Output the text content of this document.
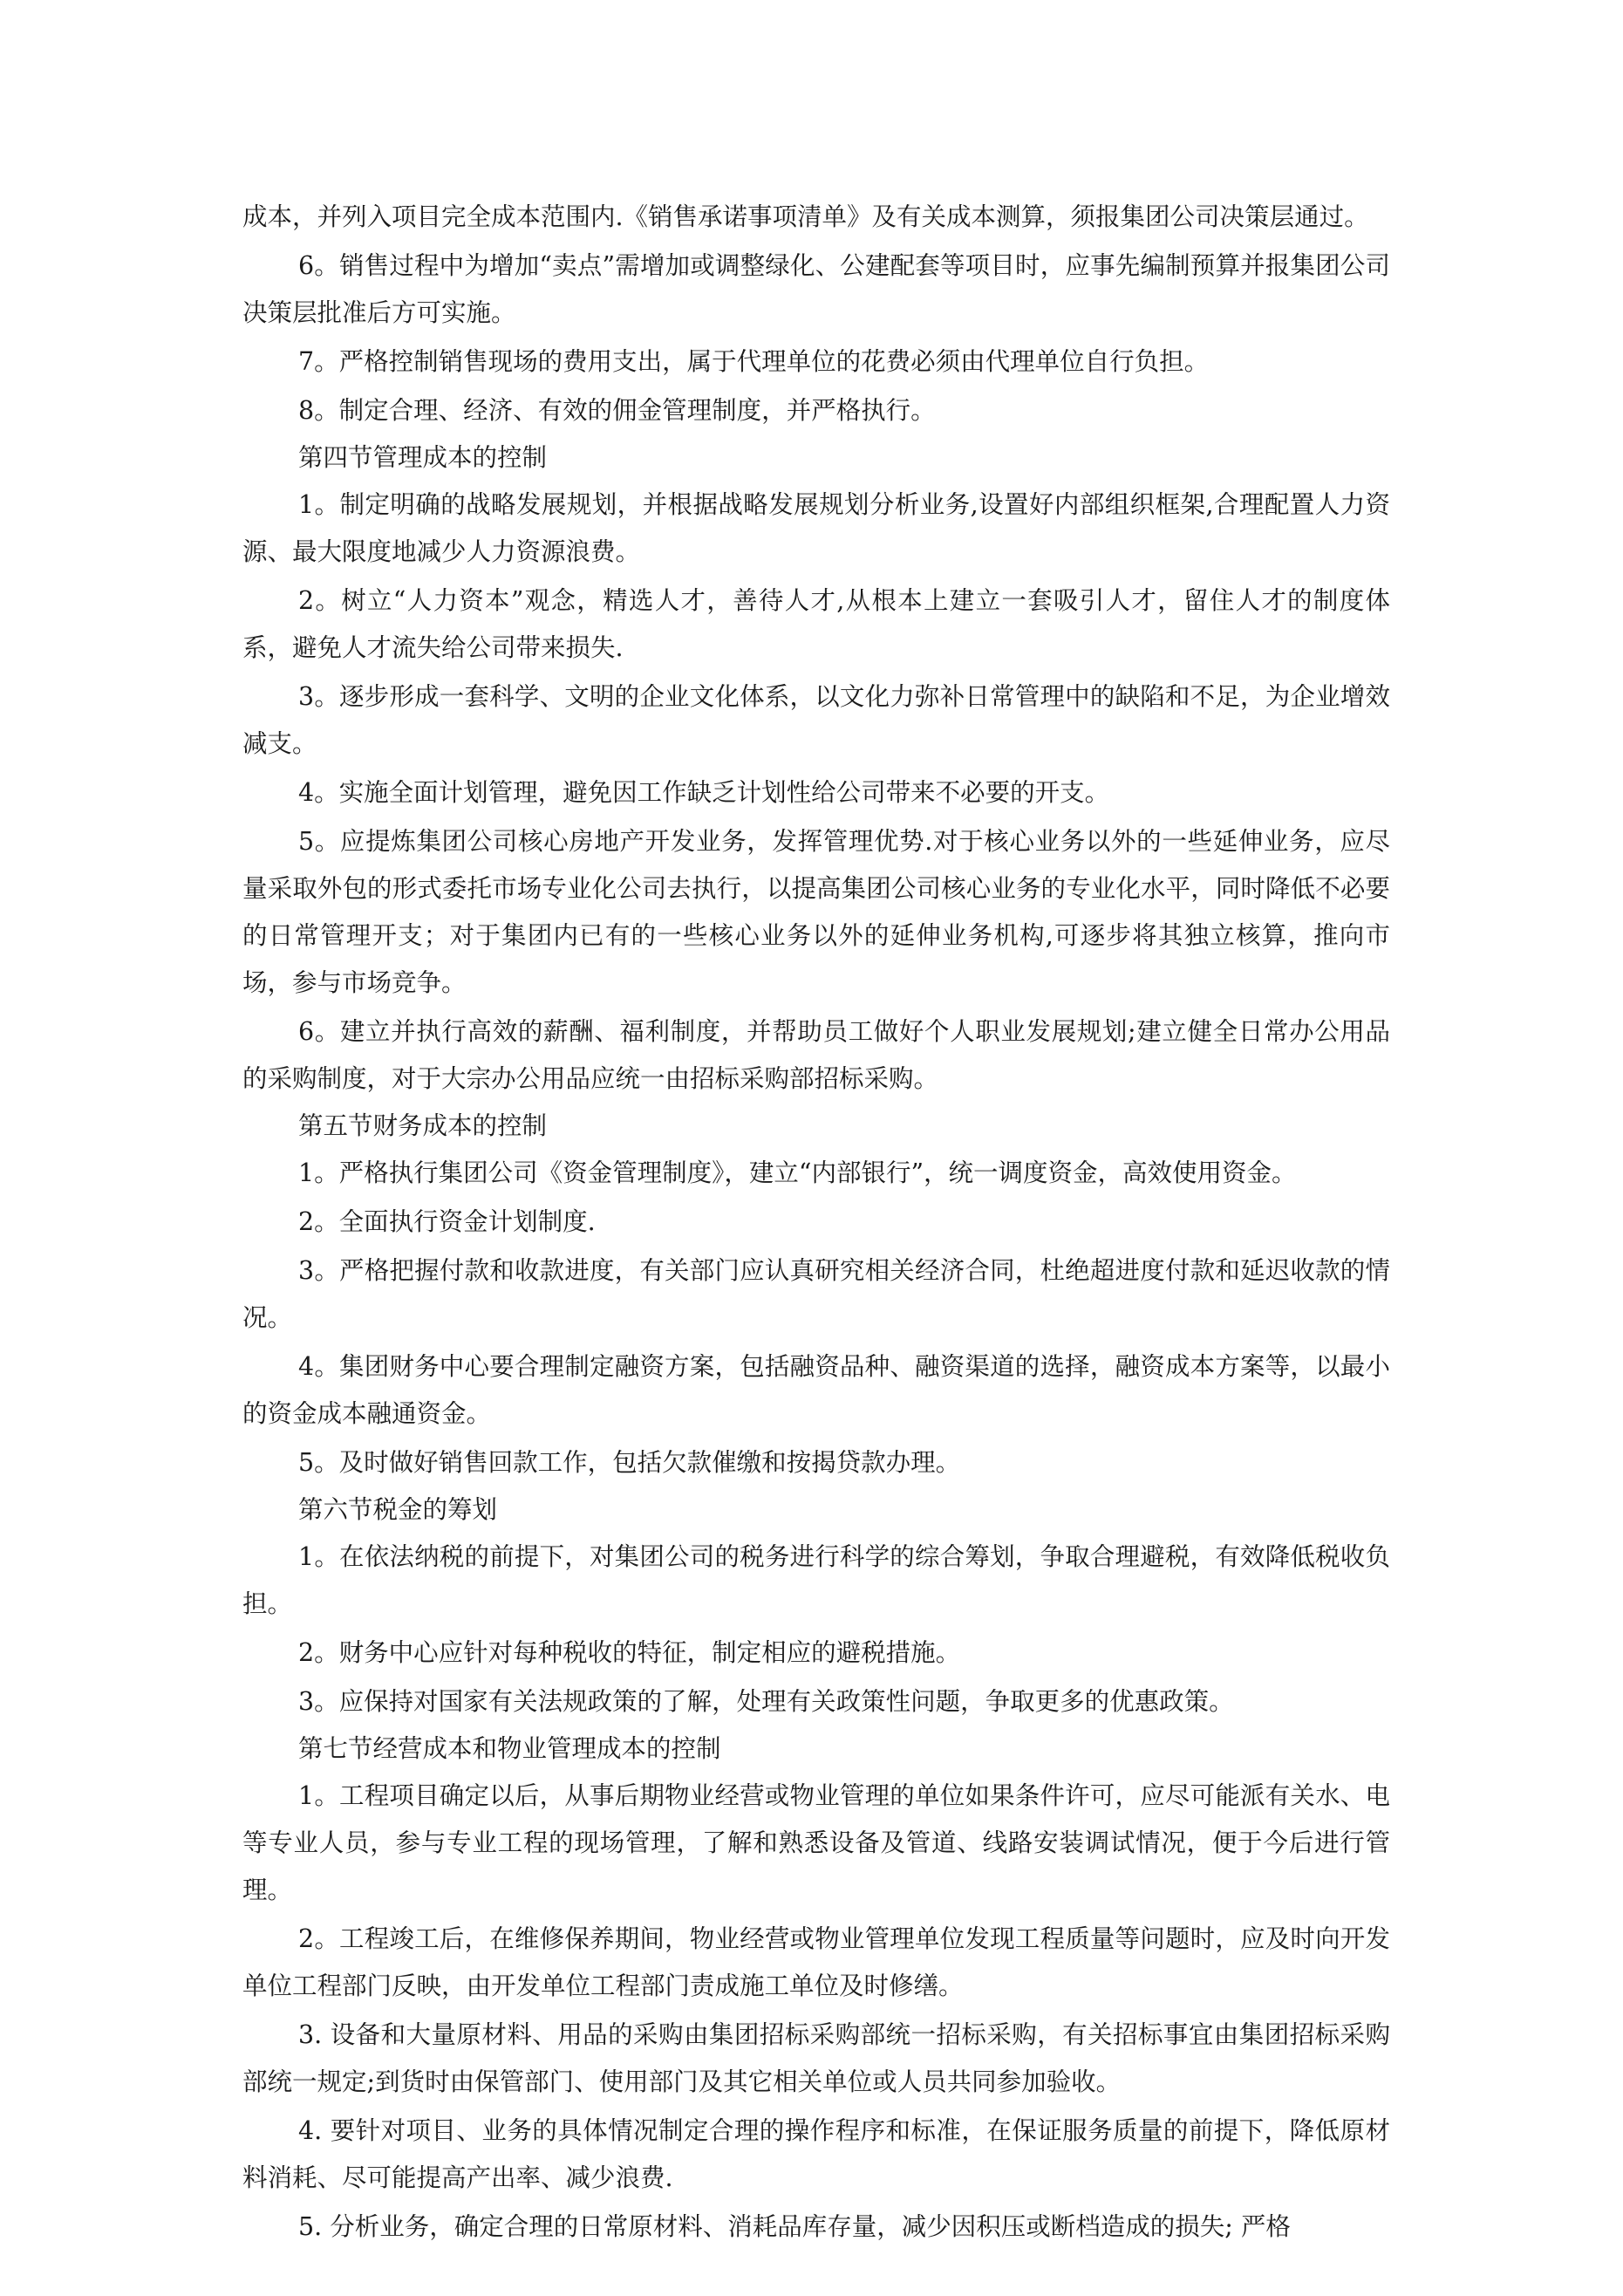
成本，并列入项目完全成本范围内.《销售承诺事项清单》及有关成本测算，须报集团公司决策层通过。

6。销售过程中为增加“卖点”需增加或调整绿化、公建配套等项目时，应事先编制预算并报集团公司决策层批准后方可实施。

7。严格控制销售现场的费用支出，属于代理单位的花费必须由代理单位自行负担。

8。制定合理、经济、有效的佣金管理制度，并严格执行。

第四节管理成本的控制

1。制定明确的战略发展规划，并根据战略发展规划分析业务,设置好内部组织框架,合理配置人力资源、最大限度地减少人力资源浪费。

2。树立“人力资本”观念，精选人才，善待人才,从根本上建立一套吸引人才，留住人才的制度体系，避免人才流失给公司带来损失.

3。逐步形成一套科学、文明的企业文化体系，以文化力弥补日常管理中的缺陷和不足，为企业增效减支。

4。实施全面计划管理，避免因工作缺乏计划性给公司带来不必要的开支。

5。应提炼集团公司核心房地产开发业务，发挥管理优势.对于核心业务以外的一些延伸业务，应尽量采取外包的形式委托市场专业化公司去执行，以提高集团公司核心业务的专业化水平，同时降低不必要的日常管理开支；对于集团内已有的一些核心业务以外的延伸业务机构,可逐步将其独立核算，推向市场，参与市场竞争。

6。建立并执行高效的薪酬、福利制度，并帮助员工做好个人职业发展规划;建立健全日常办公用品的采购制度，对于大宗办公用品应统一由招标采购部招标采购。

第五节财务成本的控制

1。严格执行集团公司《资金管理制度》，建立“内部银行”，统一调度资金，高效使用资金。

2。全面执行资金计划制度.

3。严格把握付款和收款进度，有关部门应认真研究相关经济合同，杜绝超进度付款和延迟收款的情况。

4。集团财务中心要合理制定融资方案，包括融资品种、融资渠道的选择，融资成本方案等，以最小的资金成本融通资金。

5。及时做好销售回款工作，包括欠款催缴和按揭贷款办理。

第六节税金的筹划

1。在依法纳税的前提下，对集团公司的税务进行科学的综合筹划，争取合理避税，有效降低税收负担。

2。财务中心应针对每种税收的特征，制定相应的避税措施。

3。应保持对国家有关法规政策的了解，处理有关政策性问题，争取更多的优惠政策。

第七节经营成本和物业管理成本的控制

1。工程项目确定以后，从事后期物业经营或物业管理的单位如果条件许可，应尽可能派有关水、电等专业人员，参与专业工程的现场管理，了解和熟悉设备及管道、线路安装调试情况，便于今后进行管理。

2。工程竣工后，在维修保养期间，物业经营或物业管理单位发现工程质量等问题时，应及时向开发单位工程部门反映，由开发单位工程部门责成施工单位及时修缮。

3. 设备和大量原材料、用品的采购由集团招标采购部统一招标采购，有关招标事宜由集团招标采购部统一规定;到货时由保管部门、使用部门及其它相关单位或人员共同参加验收。

4. 要针对项目、业务的具体情况制定合理的操作程序和标准，在保证服务质量的前提下，降低原材料消耗、尽可能提高产出率、减少浪费.

5. 分析业务，确定合理的日常原材料、消耗品库存量，减少因积压或断档造成的损失; 严格
